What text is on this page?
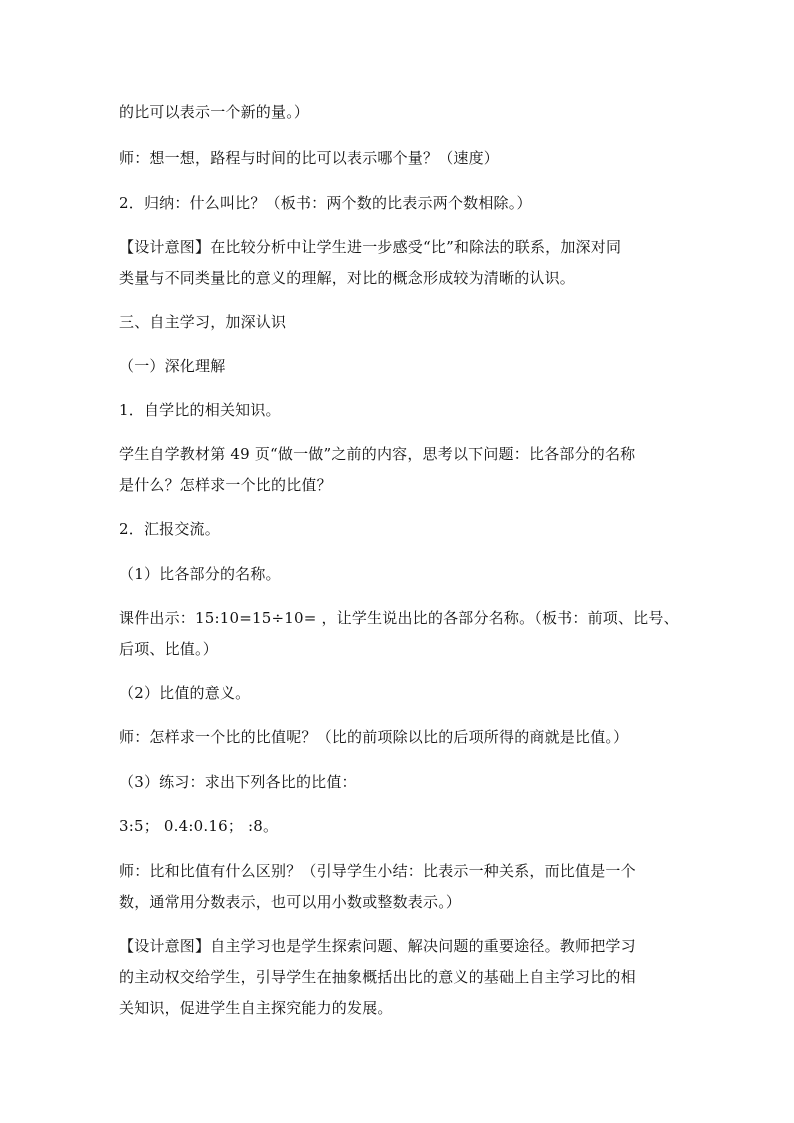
的比可以表示一个新的量。）
师：想一想，路程与时间的比可以表示哪个量？（速度）
2．归纳：什么叫比？（板书：两个数的比表示两个数相除。）
【设计意图】在比较分析中让学生进一步感受“比”和除法的联系，加深对同
类量与不同类量比的意义的理解，对比的概念形成较为清晰的认识。
三、自主学习，加深认识
（一）深化理解
1．自学比的相关知识。
学生自学教材第 49 页“做一做”之前的内容，思考以下问题：比各部分的名称
是什么？怎样求一个比的比值？
2．汇报交流。
（1）比各部分的名称。
课件出示：15:10=15÷10= ，让学生说出比的各部分名称。（板书：前项、比号、
后项、比值。）
（2）比值的意义。
师：怎样求一个比的比值呢？（比的前项除以比的后项所得的商就是比值。）
（3）练习：求出下列各比的比值：
3:5； 0.4:0.16； :8。
师：比和比值有什么区别？（引导学生小结：比表示一种关系，而比值是一个
数，通常用分数表示，也可以用小数或整数表示。）
【设计意图】自主学习也是学生探索问题、解决问题的重要途径。教师把学习
的主动权交给学生，引导学生在抽象概括出比的意义的基础上自主学习比的相
关知识，促进学生自主探究能力的发展。
